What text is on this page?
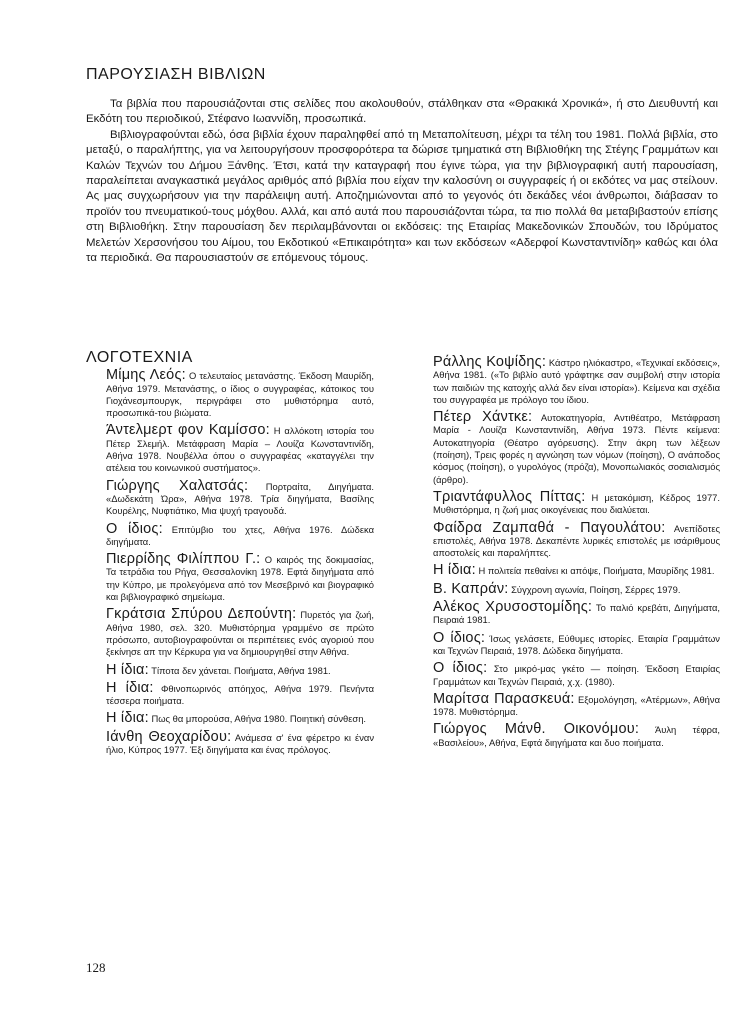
ΠΑΡΟΥΣΙΑΣΗ ΒΙΒΛΙΩΝ

Τα βιβλία που παρουσιάζονται στις σελίδες που ακολουθούν, στάλθηκαν στα «Θρακικά Χρονικά», ή στο Διευθυντή και Εκδότη του περιοδικού, Στέφανο Ιωαννίδη, προσωπικά.

Βιβλιογραφούνται εδώ, όσα βιβλία έχουν παραληφθεί από τη Μεταπολίτευση, μέχρι τα τέλη του 1981. Πολλά βιβλία, στο μεταξύ, ο παραλήπτης, για να λειτουργήσουν προσφορότερα τα δώρισε τμηματικά στη Βιβλιοθήκη της Στέγης Γραμμάτων και Καλών Τεχνών του Δήμου Ξάνθης. Έτσι, κατά την καταγραφή που έγινε τώρα, για την βιβλιογραφική αυτή παρουσίαση, παραλείπεται αναγκαστικά μεγάλος αριθμός από βιβλία που είχαν την καλοσύνη οι συγγραφείς ή οι εκδότες να μας στείλουν. Ας μας συγχωρήσουν για την παράλειψη αυτή. Αποζημιώνονται από το γεγονός ότι δεκάδες νέοι άνθρωποι, διάβασαν το προϊόν του πνευματικού-τους μόχθου. Αλλά, και από αυτά που παρουσιάζονται τώρα, τα πιο πολλά θα μεταβιβαστούν επίσης στη Βιβλιοθήκη. Στην παρουσίαση δεν περιλαμβάνονται οι εκδόσεις: της Εταιρίας Μακεδονικών Σπουδών, του Ιδρύματος Μελετών Χερσονήσου του Αίμου, του Εκδοτικού «Επικαιρότητα» και των εκδόσεων «Αδερφοί Κωνσταντινίδη» καθώς και όλα τα περιοδικά. Θα παρουσιαστούν σε επόμενους τόμους.

ΛΟΓΟΤΕΧΝΙΑ

Μίμης Λεός: Ο τελευταίος μετανάστης. Έκδοση Μαυρίδη, Αθήνα 1979. Μετανάστης, ο ίδιος ο συγγραφέας, κάτοικος του Γιοχάνεσμπουργκ, περιγράφει στο μυθιστόρημα αυτό, προσωπικά-του βιώματα.

Άντελμερτ φον Καμίσσο: Η αλλόκοτη ιστορία του Πέτερ Σλεμήλ. Μετάφραση Μαρία – Λουίζα Κωνσταντινίδη, Αθήνα 1978. Νουβέλλα όπου ο συγγραφέας «καταγγέλει την ατέλεια του κοινωνικού συστήματος».

Γιώργης Χαλατσάς: Πορτραίτα, Διηγήματα. «Δωδεκάτη Ώρα», Αθήνα 1978. Τρία διηγήματα, Βασίλης Κουρέλης, Νυφτιάτικο, Μια ψυχή τραγουδά.

Ο ίδιος: Επιτύμβιο του χτες, Αθήνα 1976. Δώδεκα διηγήματα.

Πιερρίδης Φιλίππου Γ.: Ο καιρός της δοκιμασίας, Τα τετράδια του Ρήγα, Θεσσαλονίκη 1978. Εφτά διηγήματα από την Κύπρο, με προλεγόμενα από τον Μεσεβρινό και βιογραφικό και βιβλιογραφικό σημείωμα.

Γκράτσια Σπύρου Δεπούντη: Πυρετός για ζωή, Αθήνα 1980, σελ. 320. Μυθιστόρημα γραμμένο σε πρώτο πρόσωπο, αυτοβιογραφούνται οι περιπέτειες ενός αγοριού που ξεκίνησε απ την Κέρκυρα για να δημιουργηθεί στην Αθήνα.

Η ίδια: Τίποτα δεν χάνεται. Ποιήματα, Αθήνα 1981.

Η ίδια: Φθινοπωρινός απόηχος, Αθήνα 1979. Πενήντα τέσσερα ποιήματα.

Η ίδια: Πως θα μπορούσα, Αθήνα 1980. Ποιητική σύνθεση.

Ιάνθη Θεοχαρίδου: Ανάμεσα σ' ένα φέρετρο κι έναν ήλιο, Κύπρος 1977. Έξι διηγήματα και ένας πρόλογος.

Ράλλης Κοψίδης: Κάστρο ηλιόκαστρο, «Τεχνικαί εκδόσεις», Αθήνα 1981. («Το βιβλίο αυτό γράφτηκε σαν συμβολή στην ιστορία των παιδιών της κατοχής αλλά δεν είναι ιστορία»). Κείμενα και σχέδια του συγγραφέα με πρόλογο του ίδιου.

Πέτερ Χάντκε: Αυτοκατηγορία, Αντιθέατρο, Μετάφραση Μαρία - Λουίζα Κωνσταντινίδη, Αθήνα 1973. Πέντε κείμενα: Αυτοκατηγορία (Θέατρο αγόρευσης). Στην άκρη των λέξεων (ποίηση), Τρεις φορές η αγνώηση των νόμων (ποίηση), Ο ανάποδος κόσμος (ποίηση), ο γυρολόγος (πρόζα), Μονοπωλιακός σοσιαλισμός (άρθρο).

Τριαντάφυλλος Πίττας: Η μετακόμιση, Κέδρος 1977. Μυθιστόρημα, η ζωή μιας οικογένειας που διαλύεται.

Φαίδρα Ζαμπαθά - Παγουλάτου: Ανεπίδοτες επιστολές, Αθήνα 1978. Δεκαπέντε λυρικές επιστολές με ισάριθμους αποστολείς και παραλήπτες.

Η ίδια: Η πολιτεία πεθαίνει κι απόψε, Ποιήματα, Μαυρίδης 1981.

Β. Καπράν: Σύγχρονη αγωνία, Ποίηση, Σέρρες 1979.

Αλέκος Χρυσοστομίδης: Το παλιό κρεβάτι, Διηγήματα, Πειραιά 1981.

Ο ίδιος: Ίσως γελάσετε, Εύθυμες ιστορίες. Εταιρία Γραμμάτων και Τεχνών Πειραιά, 1978. Δώδεκα διηγήματα.

Ο ίδιος: Στο μικρό-μας γκέτο — ποίηση. Έκδοση Εταιρίας Γραμμάτων και Τεχνών Πειραιά, χ.χ. (1980).

Μαρίτσα Παρασκευά: Εξομολόγηση, «Ατέρμων», Αθήνα 1978. Μυθιστόρημα.

Γιώργος Μάνθ. Οικονόμου: Άυλη τέφρα, «Βασιλείου», Αθήνα, Εφτά διηγήματα και δυο ποιήματα.

128
